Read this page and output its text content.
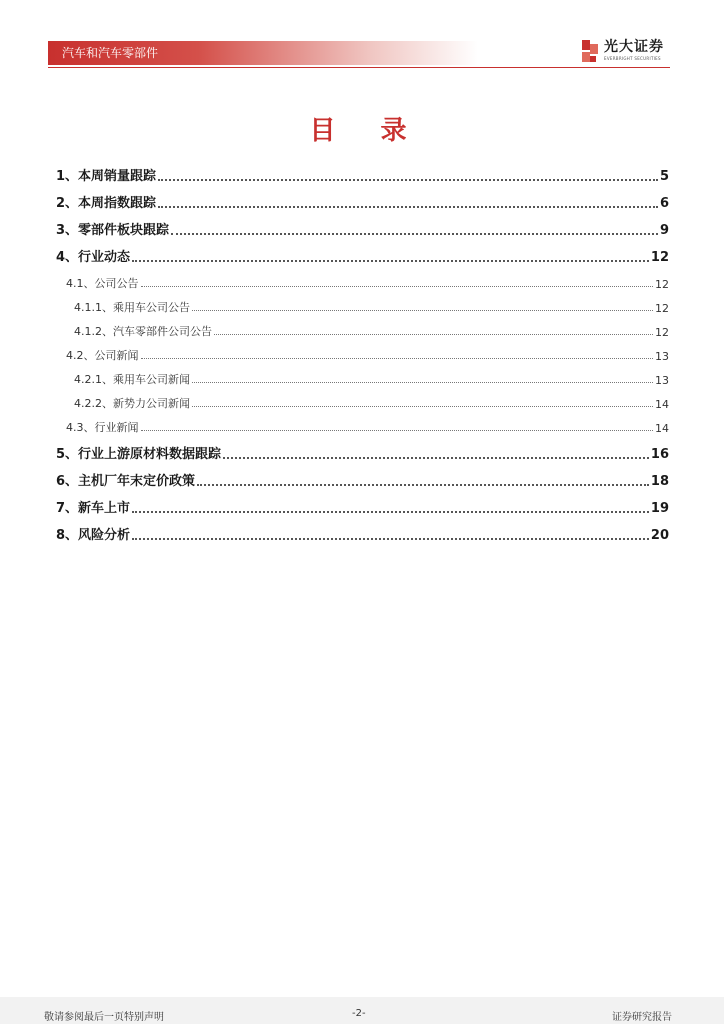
汽车和汽车零部件	光大证券
EVERBRIGHT SECURITIES
目 录
1、 本周销量跟踪	5
2、 本周指数跟踪	6
3、 零部件板块跟踪	9
4、 行业动态	12
4.1、 公司公告	12
4.1.1、 乘用车公司公告	12
4.1.2、 汽车零部件公司公告	12
4.2、 公司新闻	13
4.2.1、 乘用车公司新闻	13
4.2.2、 新势力公司新闻	14
4.3、 行业新闻	14
5、 行业上游原材料数据跟踪	16
6、 主机厂年末定价政策	18
7、 新车上市	19
8、 风险分析	20
敬请参阅最后一页特别声明	-2-	证券研究报告
